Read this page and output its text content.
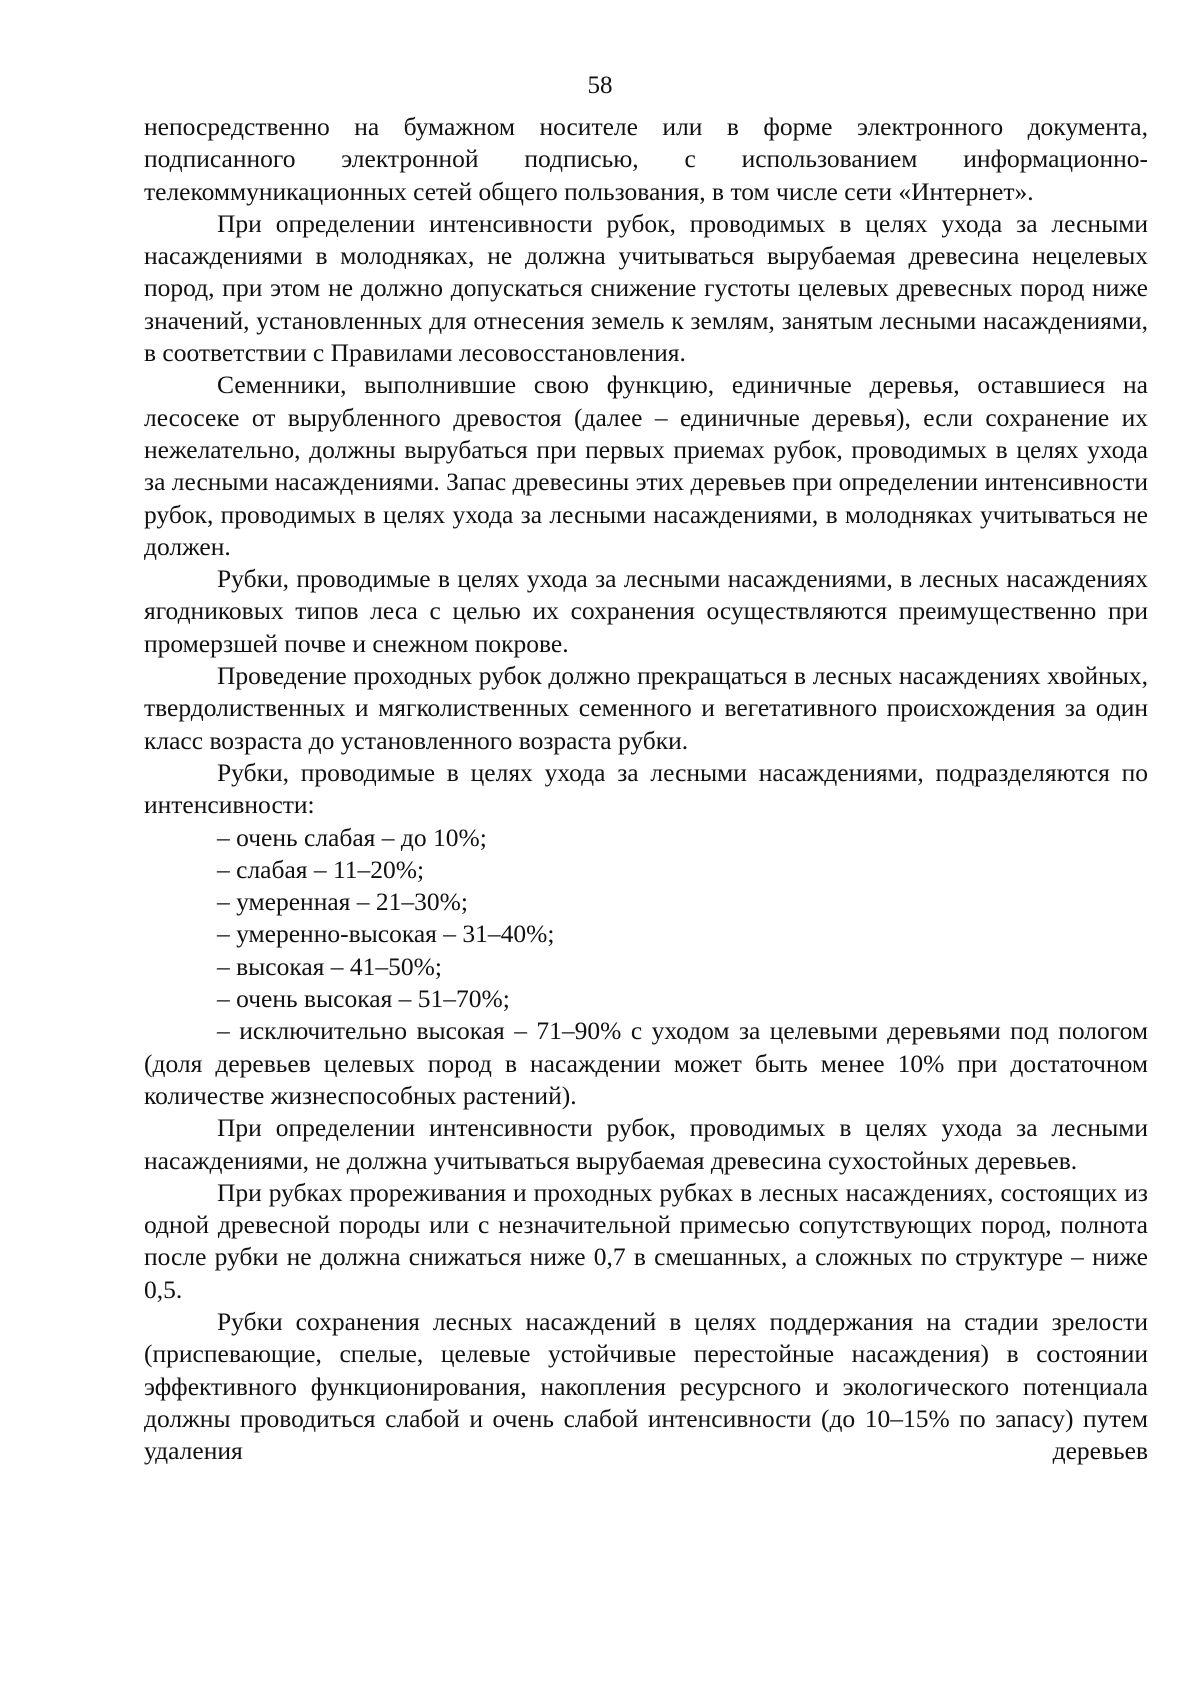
58

непосредственно на бумажном носителе или в форме электронного документа, подписанного электронной подписью, с использованием информационно-телекоммуникационных сетей общего пользования, в том числе сети «Интернет».

При определении интенсивности рубок, проводимых в целях ухода за лесными насаждениями в молодняках, не должна учитываться вырубаемая древесина нецелевых пород, при этом не должно допускаться снижение густоты целевых древесных пород ниже значений, установленных для отнесения земель к землям, занятым лесными насаждениями, в соответствии с Правилами лесовосстановления.

Семенники, выполнившие свою функцию, единичные деревья, оставшиеся на лесосеке от вырубленного древостоя (далее – единичные деревья), если сохранение их нежелательно, должны вырубаться при первых приемах рубок, проводимых в целях ухода за лесными насаждениями. Запас древесины этих деревьев при определении интенсивности рубок, проводимых в целях ухода за лесными насаждениями, в молодняках учитываться не должен.

Рубки, проводимые в целях ухода за лесными насаждениями, в лесных насаждениях ягодниковых типов леса с целью их сохранения осуществляются преимущественно при промерзшей почве и снежном покрове.

Проведение проходных рубок должно прекращаться в лесных насаждениях хвойных, твердолиственных и мягколиственных семенного и вегетативного происхождения за один класс возраста до установленного возраста рубки.

Рубки, проводимые в целях ухода за лесными насаждениями, подразделяются по интенсивности:

– очень слабая – до 10%;
– слабая – 11–20%;
– умеренная – 21–30%;
– умеренно-высокая – 31–40%;
– высокая – 41–50%;
– очень высокая – 51–70%;
– исключительно высокая – 71–90% с уходом за целевыми деревьями под пологом (доля деревьев целевых пород в насаждении может быть менее 10% при достаточном количестве жизнеспособных растений).

При определении интенсивности рубок, проводимых в целях ухода за лесными насаждениями, не должна учитываться вырубаемая древесина сухостойных деревьев.

При рубках прореживания и проходных рубках в лесных насаждениях, состоящих из одной древесной породы или с незначительной примесью сопутствующих пород, полнота после рубки не должна снижаться ниже 0,7 в смешанных, а сложных по структуре – ниже 0,5.

Рубки сохранения лесных насаждений в целях поддержания на стадии зрелости (приспевающие, спелые, целевые устойчивые перестойные насаждения) в состоянии эффективного функционирования, накопления ресурсного и экологического потенциала должны проводиться слабой и очень слабой интенсивности (до 10–15% по запасу) путем удаления деревьев
